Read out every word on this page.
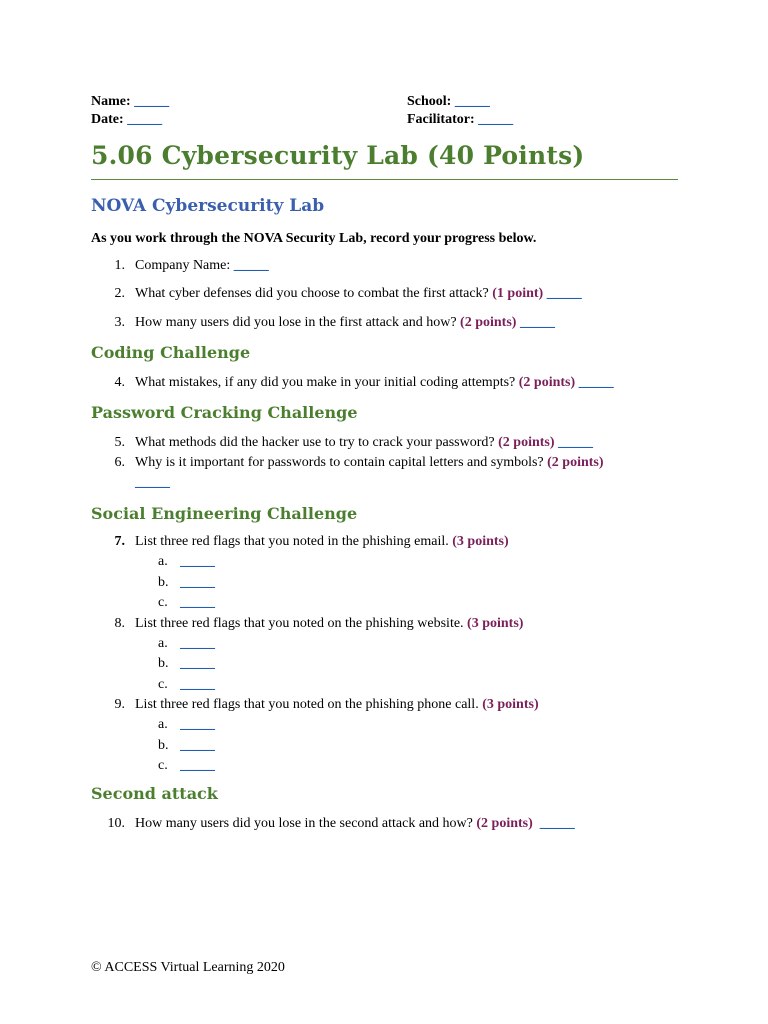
Name: _____	School: _____
Date: _____	Facilitator: _____
5.06 Cybersecurity Lab (40 Points)
NOVA Cybersecurity Lab

As you work through the NOVA Security Lab, record your progress below.

1. Company Name: _____
2. What cyber defenses did you choose to combat the first attack? (1 point) _____
3. How many users did you lose in the first attack and how? (2 points) _____
Coding Challenge
4. What mistakes, if any did you make in your initial coding attempts? (2 points) _____
Password Cracking Challenge
5. What methods did the hacker use to try to crack your password? (2 points) _____
6. Why is it important for passwords to contain capital letters and symbols? (2 points)
_____
Social Engineering Challenge
7. List three red flags that you noted in the phishing email. (3 points)
a. _____
b. _____
c. _____
8. List three red flags that you noted on the phishing website. (3 points)
a. _____
b. _____
c. _____
9. List three red flags that you noted on the phishing phone call. (3 points)
a. _____
b. _____
c. _____
Second attack
10. How many users did you lose in the second attack and how? (2 points) _____
© ACCESS Virtual Learning 2020
